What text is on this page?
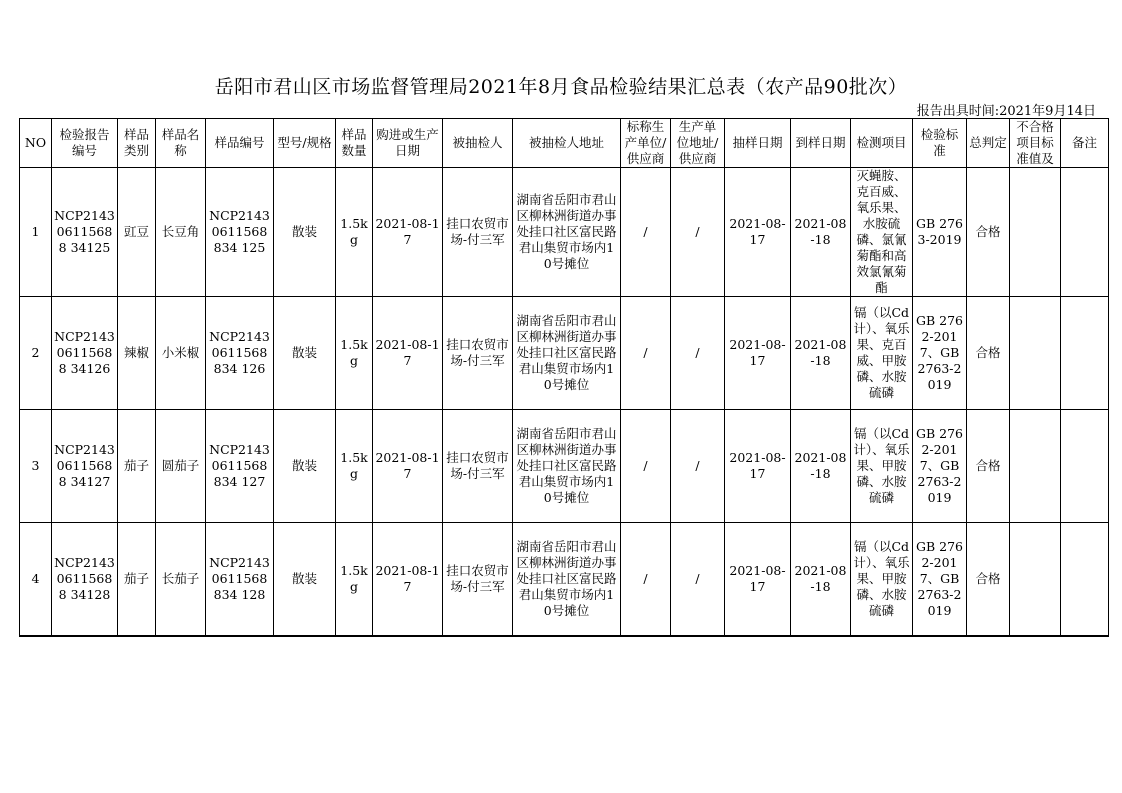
岳阳市君山区市场监督管理局2021年8月食品检验结果汇总表（农产品90批次）
报告出具时间:2021年9月14日
NO	检验报告编号	样品类别	样品名称	样品编号	型号/规格	样品数量	购进或生产日期	被抽检人	被抽检人地址	标称生产单位/供应商	生产单位地址/供应商	抽样日期	到样日期	检测项目	检验标准	总判定	不合格项目标准值及	备注
1	NCP214306115688 34125	豇豆	长豆角	NCP21430611568834 125	散装	1.5kg	2021-08-17	挂口农贸市场-付三军	湖南省岳阳市君山区柳林洲街道办事处挂口社区富民路君山集贸市场内10号摊位	/	/	2021-08-17	2021-08-18	灭蝇胺、克百威、氧乐果、水胺硫磷、氯氰菊酯和高效氯氰菊酯	GB 2763-2019	合格		
2	NCP214306115688 34126	辣椒	小米椒	NCP21430611568834 126	散装	1.5kg	2021-08-17	挂口农贸市场-付三军	湖南省岳阳市君山区柳林洲街道办事处挂口社区富民路君山集贸市场内10号摊位	/	/	2021-08-17	2021-08-18	镉（以Cd计）、氧乐果、克百威、甲胺磷、水胺硫磷	GB 2762-2017、GB 2763-2019	合格		
3	NCP214306115688 34127	茄子	圆茄子	NCP21430611568834 127	散装	1.5kg	2021-08-17	挂口农贸市场-付三军	湖南省岳阳市君山区柳林洲街道办事处挂口社区富民路君山集贸市场内10号摊位	/	/	2021-08-17	2021-08-18	镉（以Cd计）、氧乐果、甲胺磷、水胺硫磷	GB 2762-2017、GB 2763-2019	合格		
4	NCP214306115688 34128	茄子	长茄子	NCP21430611568834 128	散装	1.5kg	2021-08-17	挂口农贸市场-付三军	湖南省岳阳市君山区柳林洲街道办事处挂口社区富民路君山集贸市场内10号摊位	/	/	2021-08-17	2021-08-18	镉（以Cd计）、氧乐果、甲胺磷、水胺硫磷	GB 2762-2017、GB 2763-2019	合格		
